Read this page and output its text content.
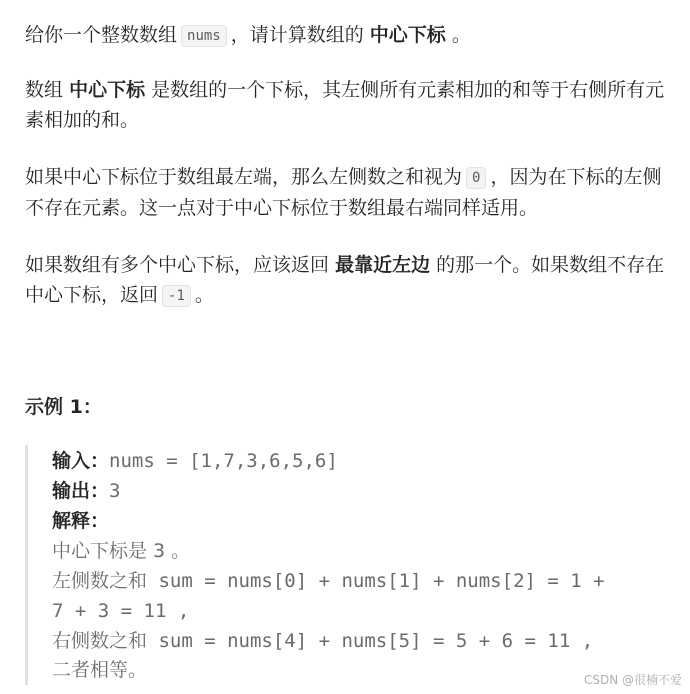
给你一个整数数组 nums ，请计算数组的 中心下标 。

数组 中心下标 是数组的一个下标，其左侧所有元素相加的和等于右侧所有元素相加的和。

如果中心下标位于数组最左端，那么左侧数之和视为 0 ，因为在下标的左侧不存在元素。这一点对于中心下标位于数组最右端同样适用。

如果数组有多个中心下标，应该返回 最靠近左边 的那一个。如果数组不存在中心下标，返回 -1 。

示例 1：

输入：nums = [1,7,3,6,5,6]
输出：3
解释：
中心下标是 3 。
左侧数之和 sum = nums[0] + nums[1] + nums[2] = 1 +
7 + 3 = 11 ,
右侧数之和 sum = nums[4] + nums[5] = 5 + 6 = 11 ,
二者相等。	CSDN @很楠不爱
